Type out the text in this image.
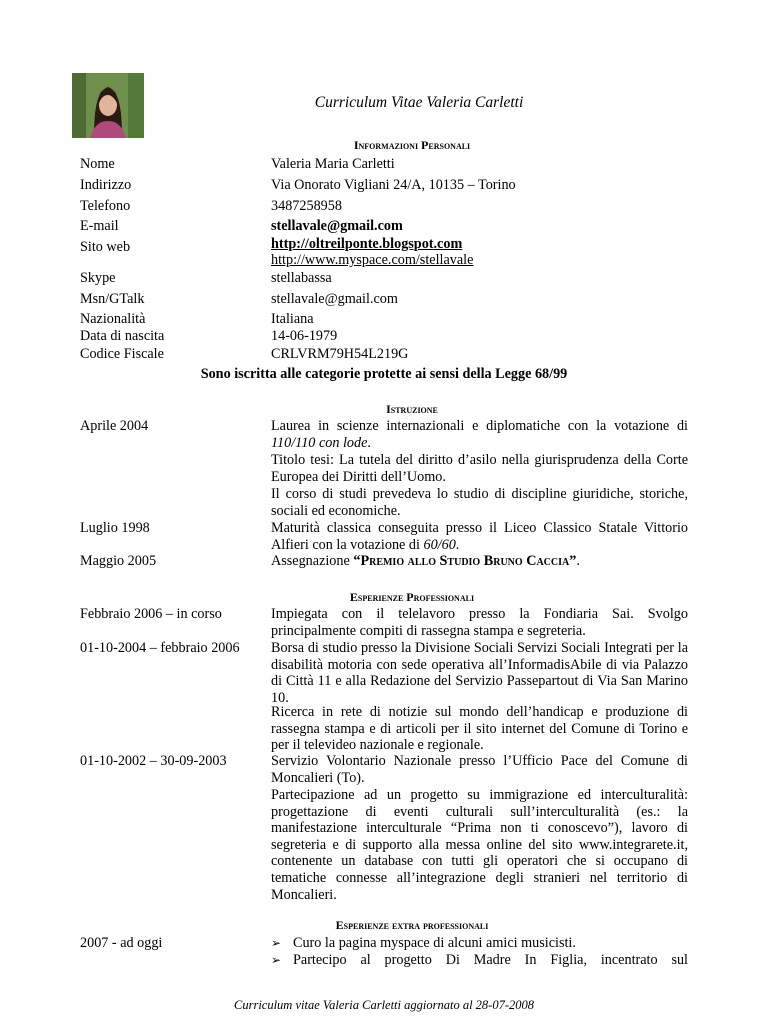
Curriculum Vitae Valeria Carletti
Informazioni Personali
Nome	Valeria Maria Carletti
Indirizzo	Via Onorato Vigliani 24/A, 10135 – Torino
Telefono	3487258958
E-mail	stellavale@gmail.com
Sito web	http://oltreilponte.blogspot.com
http://www.myspace.com/stellavale
Skype	stellabassa
Msn/GTalk	stellavale@gmail.com
Nazionalità	Italiana
Data di nascita	14-06-1979
Codice Fiscale	CRLVRM79H54L219G
Sono iscritta alle categorie protette ai sensi della Legge 68/99
Istruzione
Aprile 2004	Laurea in scienze internazionali e diplomatiche con la votazione di 110/110 con lode.
Titolo tesi: La tutela del diritto d’asilo nella giurisprudenza della Corte Europea dei Diritti dell’Uomo.
Il corso di studi prevedeva lo studio di discipline giuridiche, storiche, sociali ed economiche.
Luglio 1998	Maturità classica conseguita presso il Liceo Classico Statale Vittorio Alfieri con la votazione di 60/60.
Maggio 2005	Assegnazione “Premio allo Studio Bruno Caccia”.
Esperienze Professionali
Febbraio 2006 – in corso	Impiegata con il telelavoro presso la Fondiaria Sai. Svolgo principalmente compiti di rassegna stampa e segreteria.
01-10-2004 – febbraio 2006	Borsa di studio presso la Divisione Sociali Servizi Sociali Integrati per la disabilità motoria con sede operativa all’InformadisAbile di via Palazzo di Città 11 e alla Redazione del Servizio Passepartout di Via San Marino 10.
Ricerca in rete di notizie sul mondo dell’handicap e produzione di rassegna stampa e di articoli per il sito internet del Comune di Torino e per il televideo nazionale e regionale.
01-10-2002 – 30-09-2003	Servizio Volontario Nazionale presso l’Ufficio Pace del Comune di Moncalieri (To).
Partecipazione ad un progetto su immigrazione ed interculturalità: progettazione di eventi culturali sull’interculturalità (es.: la manifestazione interculturale “Prima non ti conoscevo”), lavoro di segreteria e di supporto alla messa online del sito www.integrarete.it, contenente un database con tutti gli operatori che si occupano di tematiche connesse all’integrazione degli stranieri nel territorio di Moncalieri.
Esperienze extra professionali
2007 - ad oggi	➢ Curo la pagina myspace di alcuni amici musicisti.
➢ Partecipo al progetto Di Madre In Figlia, incentrato sul
Curriculum vitae Valeria Carletti aggiornato al 28-07-2008
